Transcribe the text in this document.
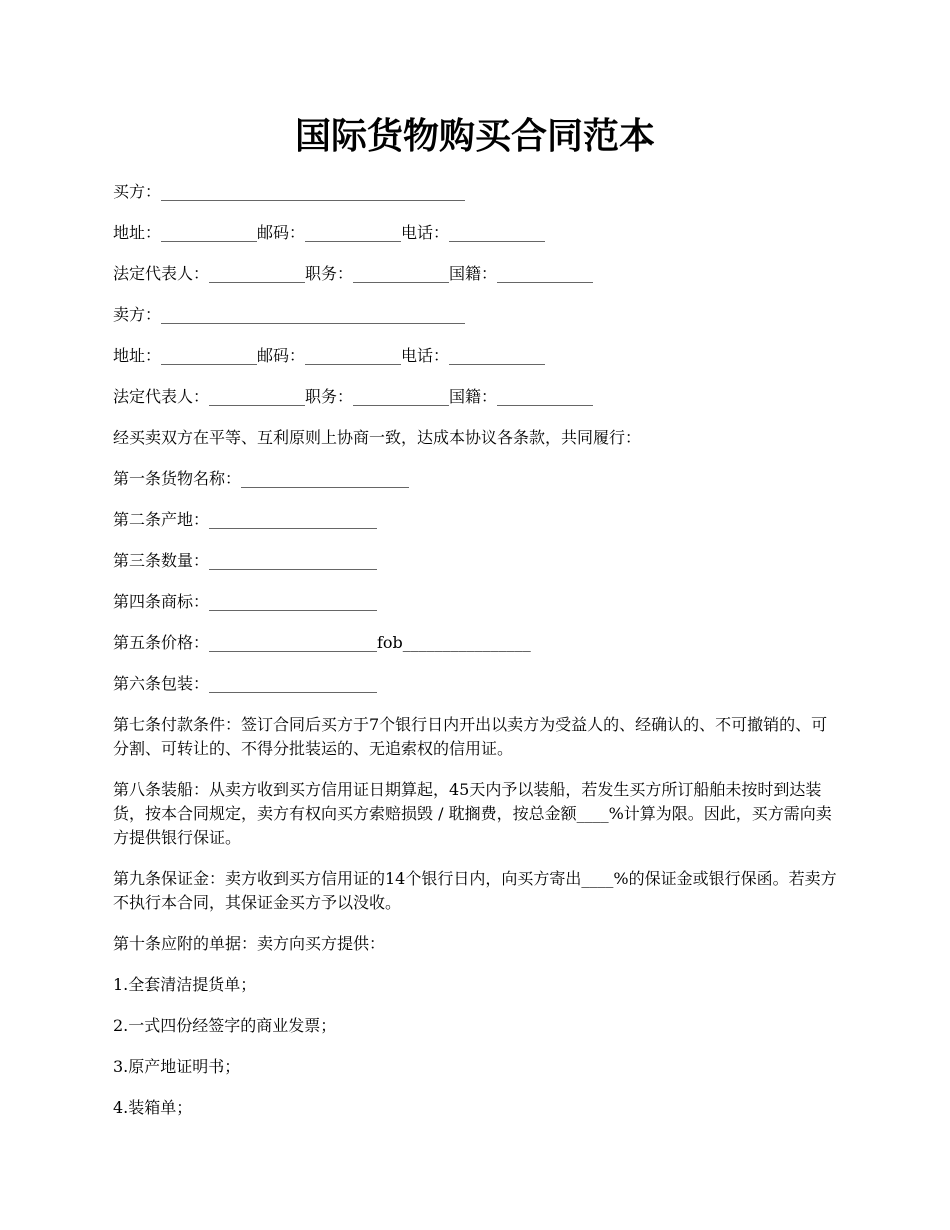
国际货物购买合同范本

买方：______________________________________

地址：____________邮码：____________电话：____________

法定代表人：____________职务：____________国籍：____________

卖方：______________________________________

地址：____________邮码：____________电话：____________

法定代表人：____________职务：____________国籍：____________

经买卖双方在平等、互利原则上协商一致，达成本协议各条款，共同履行：

第一条货物名称：_____________________

第二条产地：_____________________

第三条数量：_____________________

第四条商标：_____________________

第五条价格：_____________________fob________________

第六条包装：_____________________

第七条付款条件：签订合同后买方于7个银行日内开出以卖方为受益人的、经确认的、不可撤销的、可分割、可转让的、不得分批装运的、无追索权的信用证。

第八条装船：从卖方收到买方信用证日期算起，45天内予以装船，若发生买方所订船舶未按时到达装货，按本合同规定，卖方有权向买方索赔损毁 / 耽搁费，按总金额____%计算为限。因此，买方需向卖方提供银行保证。

第九条保证金：卖方收到买方信用证的14个银行日内，向买方寄出____%的保证金或银行保函。若卖方不执行本合同，其保证金买方予以没收。

第十条应附的单据：卖方向买方提供：

1.全套清洁提货单；

2.一式四份经签字的商业发票；

3.原产地证明书；

4.装箱单；
